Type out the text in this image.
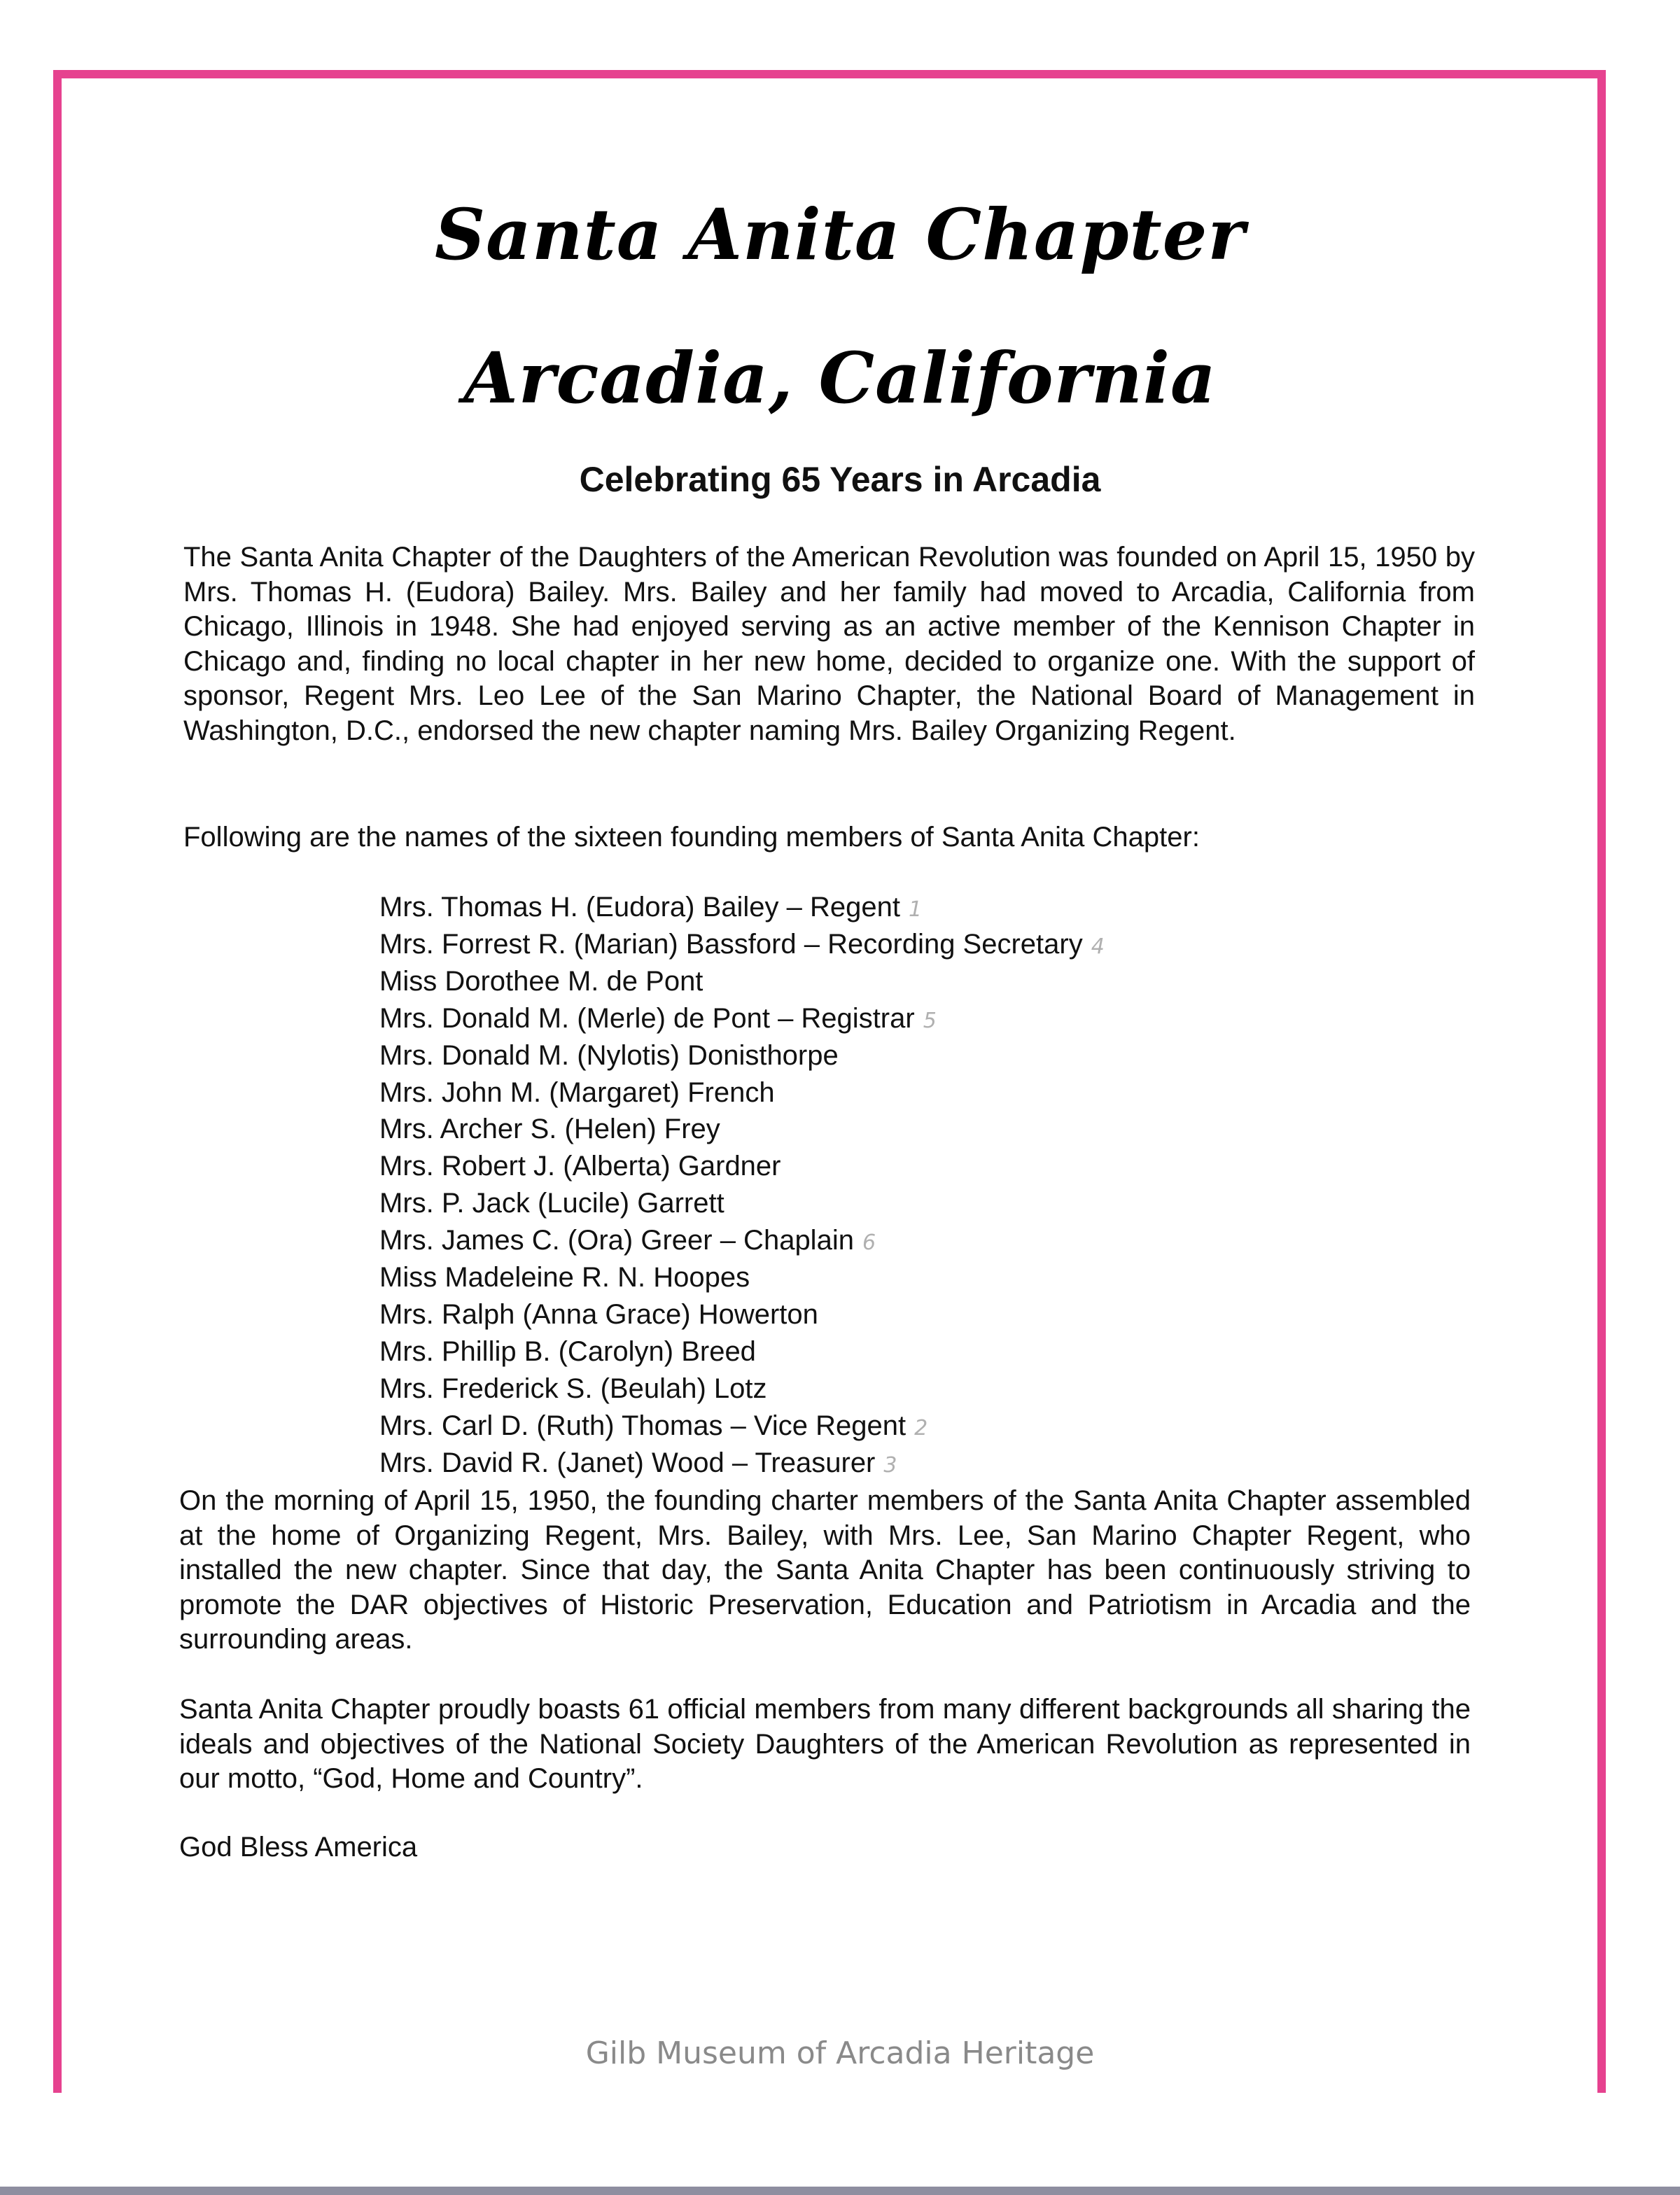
Santa Anita Chapter
Arcadia, California
Celebrating 65 Years in Arcadia

The Santa Anita Chapter of the Daughters of the American Revolution was founded on April 15, 1950 by Mrs. Thomas H. (Eudora) Bailey. Mrs. Bailey and her family had moved to Arcadia, California from Chicago, Illinois in 1948. She had enjoyed serving as an active member of the Kennison Chapter in Chicago and, finding no local chapter in her new home, decided to organize one. With the support of sponsor, Regent Mrs. Leo Lee of the San Marino Chapter, the National Board of Management in Washington, D.C., endorsed the new chapter naming Mrs. Bailey Organizing Regent.

Following are the names of the sixteen founding members of Santa Anita Chapter:

Mrs. Thomas H. (Eudora) Bailey – Regent 1
Mrs. Forrest R. (Marian) Bassford – Recording Secretary 4
Miss Dorothee M. de Pont
Mrs. Donald M. (Merle) de Pont – Registrar 5
Mrs. Donald M. (Nylotis) Donisthorpe
Mrs. John M. (Margaret) French
Mrs. Archer S. (Helen) Frey
Mrs. Robert J. (Alberta) Gardner
Mrs. P. Jack (Lucile) Garrett
Mrs. James C. (Ora) Greer – Chaplain 6
Miss Madeleine R. N. Hoopes
Mrs. Ralph (Anna Grace) Howerton
Mrs. Phillip B. (Carolyn) Breed
Mrs. Frederick S. (Beulah) Lotz
Mrs. Carl D. (Ruth) Thomas – Vice Regent 2
Mrs. David R. (Janet) Wood – Treasurer 3

On the morning of April 15, 1950, the founding charter members of the Santa Anita Chapter assembled at the home of Organizing Regent, Mrs. Bailey, with Mrs. Lee, San Marino Chapter Regent, who installed the new chapter. Since that day, the Santa Anita Chapter has been continuously striving to promote the DAR objectives of Historic Preservation, Education and Patriotism in Arcadia and the surrounding areas.

Santa Anita Chapter proudly boasts 61 official members from many different backgrounds all sharing the ideals and objectives of the National Society Daughters of the American Revolution as represented in our motto, “God, Home and Country”.

God Bless America

Gilb Museum of Arcadia Heritage
